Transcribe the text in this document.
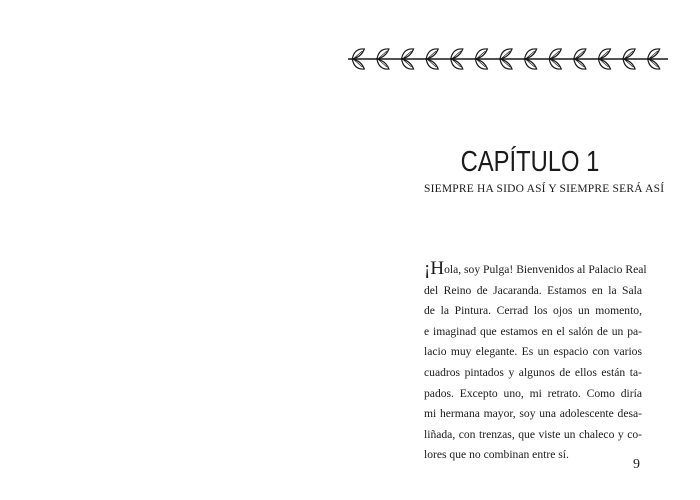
CAPÍTULO 1

SIEMPRE HA SIDO ASÍ Y SIEMPRE SERÁ ASÍ

¡Hola, soy Pulga! Bienvenidos al Palacio Real
del Reino de Jacaranda. Estamos en la Sala
de la Pintura. Cerrad los ojos un momento,
e imaginad que estamos en el salón de un pa-
lacio muy elegante. Es un espacio con varios
cuadros pintados y algunos de ellos están ta-
pados. Excepto uno, mi retrato. Como diría
mi hermana mayor, soy una adolescente desa-
liñada, con trenzas, que viste un chaleco y co-
lores que no combinan entre sí.

9
